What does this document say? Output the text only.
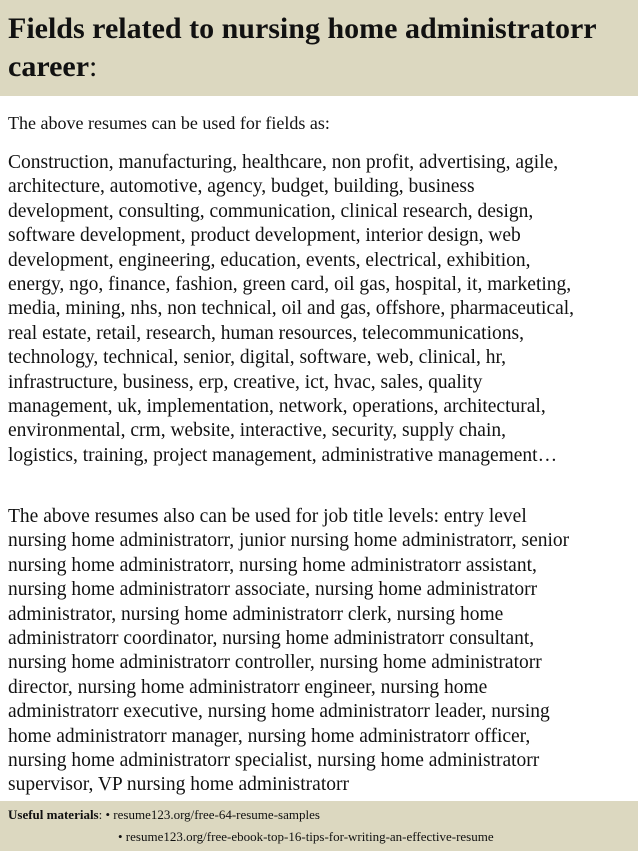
Fields related to nursing home administratorr career:

The above resumes can be used for fields as:

Construction, manufacturing, healthcare, non profit, advertising, agile,
architecture, automotive, agency, budget, building, business
development, consulting, communication, clinical research, design,
software development, product development, interior design, web
development, engineering, education, events, electrical, exhibition,
energy, ngo, finance, fashion, green card, oil gas, hospital, it, marketing,
media, mining, nhs, non technical, oil and gas, offshore, pharmaceutical,
real estate, retail, research, human resources, telecommunications,
technology, technical, senior, digital, software, web, clinical, hr,
infrastructure, business, erp, creative, ict, hvac, sales, quality
management, uk, implementation, network, operations, architectural,
environmental, crm, website, interactive, security, supply chain,
logistics, training, project management, administrative management…
The above resumes also can be used for job title levels: entry level
nursing home administratorr, junior nursing home administratorr, senior
nursing home administratorr, nursing home administratorr assistant,
nursing home administratorr associate, nursing home administratorr
administrator, nursing home administratorr clerk, nursing home
administratorr coordinator, nursing home administratorr consultant,
nursing home administratorr controller, nursing home administratorr
director, nursing home administratorr engineer, nursing home
administratorr executive, nursing home administratorr leader, nursing
home administratorr manager, nursing home administratorr officer,
nursing home administratorr specialist, nursing home administratorr
supervisor, VP nursing home administratorr
Useful materials: • resume123.org/free-64-resume-samples
• resume123.org/free-ebook-top-16-tips-for-writing-an-effective-resume
